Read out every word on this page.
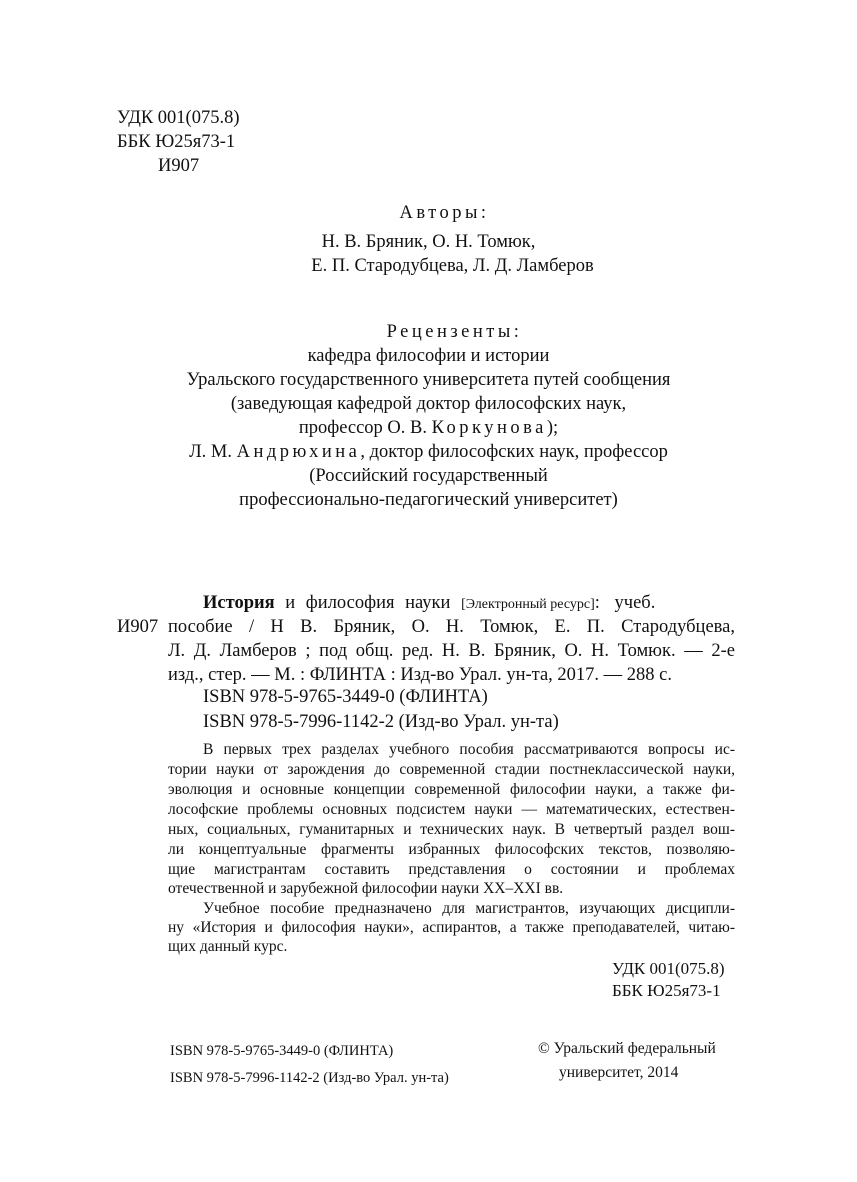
УДК 001(075.8)
ББК Ю25я73-1
И907
Авторы:
Н. В. Бряник, О. Н. Томюк,
Е. П. Стародубцева, Л. Д. Ламберов
Рецензенты:
кафедра философии и истории
Уральского государственного университета путей сообщения
(заведующая кафедрой доктор философских наук,
профессор О. В. Коркунова);
Л. М. Андрюхина, доктор философских наук, профессор
(Российский государственный
профессионально-педагогический университет)
И907
История и философия науки [Электронный ресурс]: учеб.
пособие / Н В. Бряник, О. Н. Томюк, Е. П. Стародубцева,
Л. Д. Ламберов ; под общ. ред. Н. В. Бряник, О. Н. Томюк. — 2-е
изд., стер. — М. : ФЛИНТА : Изд-во Урал. ун-та, 2017. — 288 с.
ISBN 978-5-9765-3449-0 (ФЛИНТА)
ISBN 978-5-7996-1142-2 (Изд-во Урал. ун-та)
В первых трех разделах учебного пособия рассматриваются вопросы ис-
тории науки от зарождения до современной стадии постнеклассической науки,
эволюция и основные концепции современной философии науки, а также фи-
лософские проблемы основных подсистем науки — математических, естествен-
ных, социальных, гуманитарных и технических наук. В четвертый раздел вош-
ли концептуальные фрагменты избранных философских текстов, позволяю-
щие магистрантам составить представления о состоянии и проблемах
отечественной и зарубежной философии науки XX–XXI вв.
Учебное пособие предназначено для магистрантов, изучающих дисципли-
ну «История и философия науки», аспирантов, а также преподавателей, читаю-
щих данный курс.
УДК 001(075.8)
ББК Ю25я73-1
ISBN 978-5-9765-3449-0 (ФЛИНТА)
ISBN 978-5-7996-1142-2 (Изд-во Урал. ун-та)
© Уральский федеральный
университет, 2014
